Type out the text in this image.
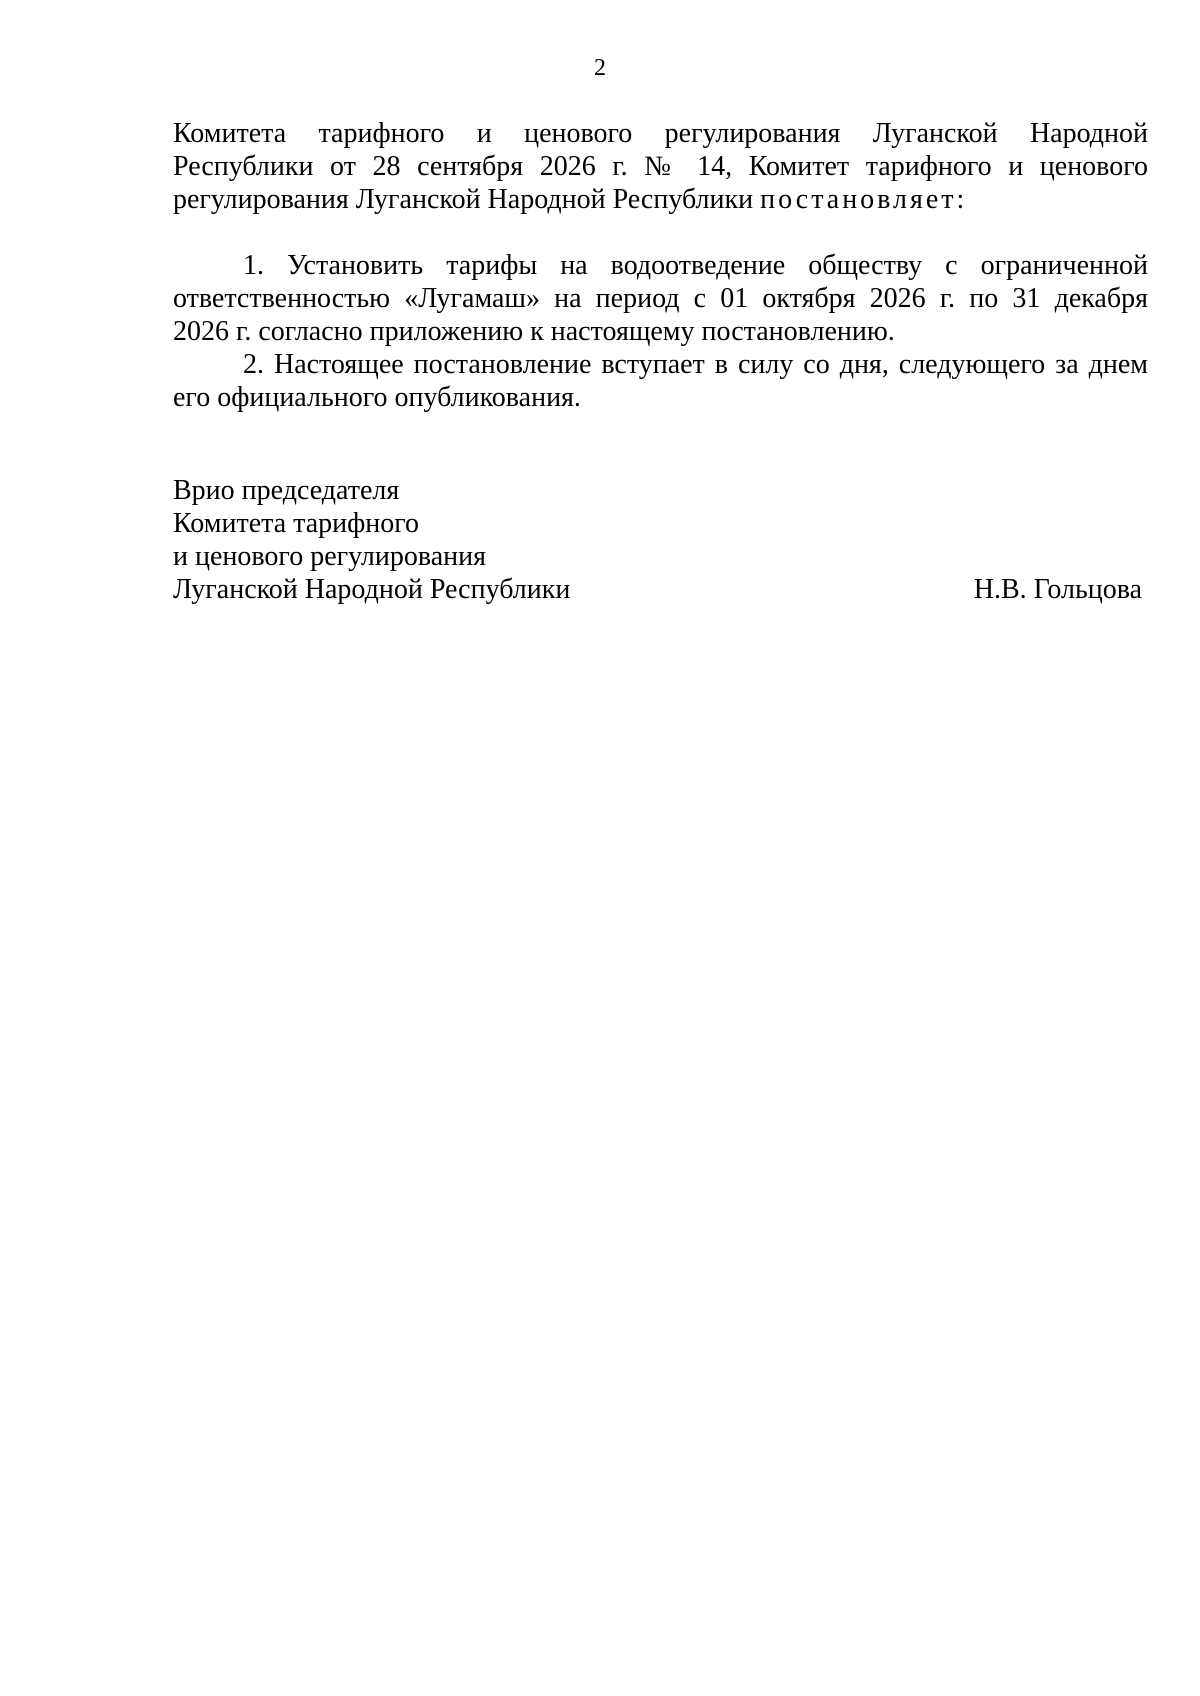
2
Комитета тарифного и ценового регулирования Луганской Народной
Республики от 28 сентября 2026 г. № 14, Комитет тарифного и ценового
регулирования Луганской Народной Республики постановляет:
1. Установить тарифы на водоотведение обществу с ограниченной
ответственностью «Лугамаш» на период с 01 октября 2026 г. по 31 декабря
2026 г. согласно приложению к настоящему постановлению.
2. Настоящее постановление вступает в силу со дня, следующего за днем
его официального опубликования.
Врио председателя
Комитета тарифного
и ценового регулирования
Луганской Народной Республики	Н.В. Гольцова
